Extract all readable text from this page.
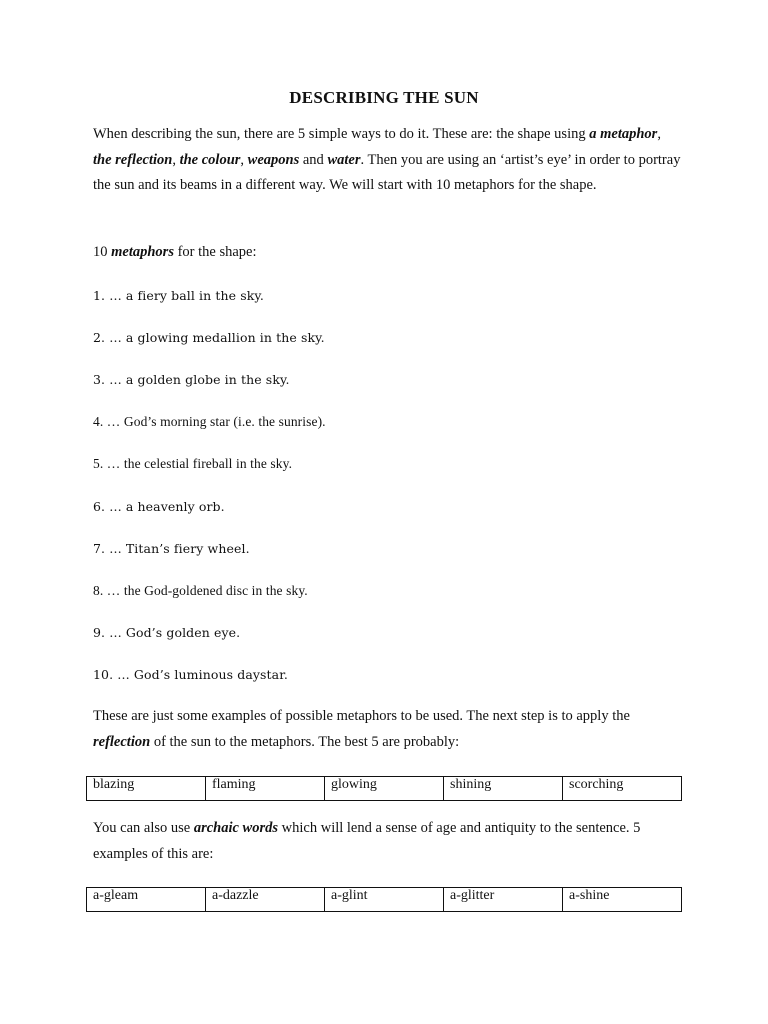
DESCRIBING THE SUN
When describing the sun, there are 5 simple ways to do it. These are: the shape using a metaphor, the reflection, the colour, weapons and water. Then you are using an ‘artist’s eye’ in order to portray the sun and its beams in a different way. We will start with 10 metaphors for the shape.
10 metaphors for the shape:
1. … a fiery ball in the sky.
2. … a glowing medallion in the sky.
3. … a golden globe in the sky.
4. … God’s morning star (i.e. the sunrise).
5. … the celestial fireball in the sky.
6. … a heavenly orb.
7. … Titan’s fiery wheel.
8. … the God-goldened disc in the sky.
9. … God’s golden eye.
10. … God’s luminous daystar.
These are just some examples of possible metaphors to be used. The next step is to apply the reflection of the sun to the metaphors. The best 5 are probably:
blazing	flaming	glowing	shining	scorching
You can also use archaic words which will lend a sense of age and antiquity to the sentence. 5 examples of this are:
a-gleam	a-dazzle	a-glint	a-glitter	a-shine
